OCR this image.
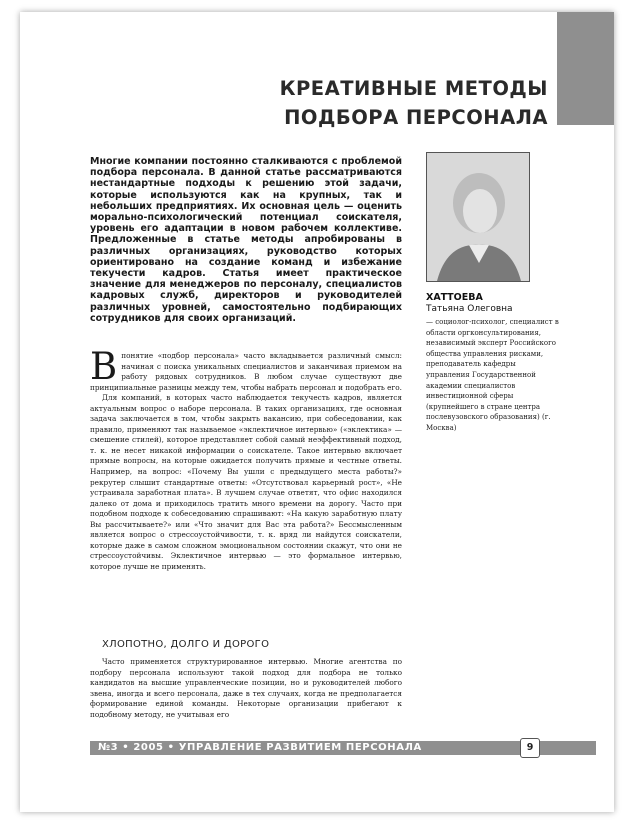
КРЕАТИВНЫЕ МЕТОДЫ
ПОДБОРА ПЕРСОНАЛА
Многие компании постоянно сталкиваются с проблемой подбора персонала. В данной статье рассматриваются нестандартные подходы к решению этой задачи, которые используются как на крупных, так и небольших предприятиях. Их основная цель — оценить морально-психологический потенциал соискателя, уровень его адаптации в новом рабочем коллективе. Предложенные в статье методы апробированы в различных организациях, руководство которых ориентировано на создание команд и избежание текучести кадров. Статья имеет практическое значение для менеджеров по персоналу, специалистов кадровых служб, директоров и руководителей различных уровней, самостоятельно подбирающих сотрудников для своих организаций.
ХАТТОЕВА
Татьяна Олеговна
— социолог-психолог, специалист в области оргконсультирования, независимый эксперт Российского общества управления рисками, преподаватель кафедры управления Государственной академии специалистов инвестиционной сферы (крупнейшего в стране центра послевузовского образования) (г. Москва)

Впонятие «подбор персонала» часто вкладывается различный смысл: начиная с поиска уникальных специалистов и заканчивая приемом на работу рядовых сотрудников. В любом случае существуют две принципиальные разницы между тем, чтобы набрать персонал и подобрать его.

Для компаний, в которых часто наблюдается текучесть кадров, является актуальным вопрос о наборе персонала. В таких организациях, где основная задача заключается в том, чтобы закрыть вакансию, при собеседовании, как правило, применяют так называемое «эклектичное интервью» («эклектика» — смешение стилей), которое представляет собой самый неэффективный подход, т. к. не несет никакой информации о соискателе. Такое интервью включает прямые вопросы, на которые ожидается получить прямые и честные ответы. Например, на вопрос: «Почему Вы ушли с предыдущего места работы?» рекрутер слышит стандартные ответы: «Отсутствовал карьерный рост», «Не устраивала заработная плата». В лучшем случае ответят, что офис находился далеко от дома и приходилось тратить много времени на дорогу. Часто при подобном подходе к собеседованию спрашивают: «На какую заработную плату Вы рассчитываете?» или «Что значит для Вас эта работа?» Бессмысленным является вопрос о стрессоустойчивости, т. к. вряд ли найдутся соискатели, которые даже в самом сложном эмоциональном состоянии скажут, что они не стрессоустойчивы. Эклектичное интервью — это формальное интервью, которое лучше не применять.

ХЛОПОТНО, ДОЛГО И ДОРОГО

Часто применяется структурированное интервью. Многие агентства по подбору персонала используют такой подход для подбора не только кандидатов на высшие управленческие позиции, но и руководителей любого звена, иногда и всего персонала, даже в тех случаях, когда не предполагается формирование единой команды. Некоторые организации прибегают к подобному методу, не учитывая его

№3 • 2005 • УПРАВЛЕНИЕ РАЗВИТИЕМ ПЕРСОНАЛА	9
